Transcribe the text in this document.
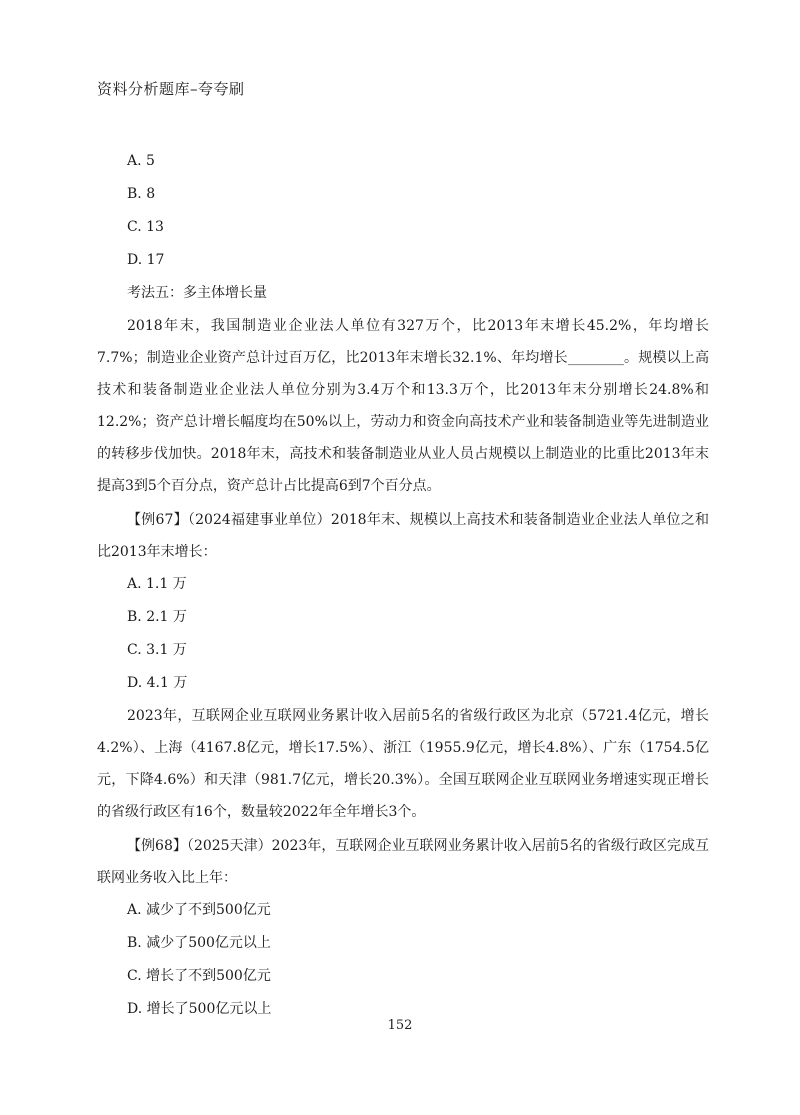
资料分析题库–夸夸刷
A. 5
B. 8
C. 13
D. 17
考法五：多主体增长量

2018年末，我国制造业企业法人单位有327万个，比2013年末增长45.2%，年均增长7.7%；制造业企业资产总计过百万亿，比2013年末增长32.1%、年均增长________。规模以上高技术和装备制造业企业法人单位分别为3.4万个和13.3万个，比2013年末分别增长24.8%和12.2%；资产总计增长幅度均在50%以上，劳动力和资金向高技术产业和装备制造业等先进制造业的转移步伐加快。2018年末，高技术和装备制造业从业人员占规模以上制造业的比重比2013年末提高3到5个百分点，资产总计占比提高6到7个百分点。

【例67】（2024福建事业单位）2018年末、规模以上高技术和装备制造业企业法人单位之和比2013年末增长：

A. 1.1 万
B. 2.1 万
C. 3.1 万
D. 4.1 万

2023年，互联网企业互联网业务累计收入居前5名的省级行政区为北京（5721.4亿元，增长4.2%）、上海（4167.8亿元，增长17.5%）、浙江（1955.9亿元，增长4.8%）、广东（1754.5亿元，下降4.6%）和天津（981.7亿元，增长20.3%）。全国互联网企业互联网业务增速实现正增长的省级行政区有16个，数量较2022年全年增长3个。

【例68】（2025天津）2023年，互联网企业互联网业务累计收入居前5名的省级行政区完成互联网业务收入比上年：

A. 减少了不到500亿元
B. 减少了500亿元以上
C. 增长了不到500亿元
D. 增长了500亿元以上
152
